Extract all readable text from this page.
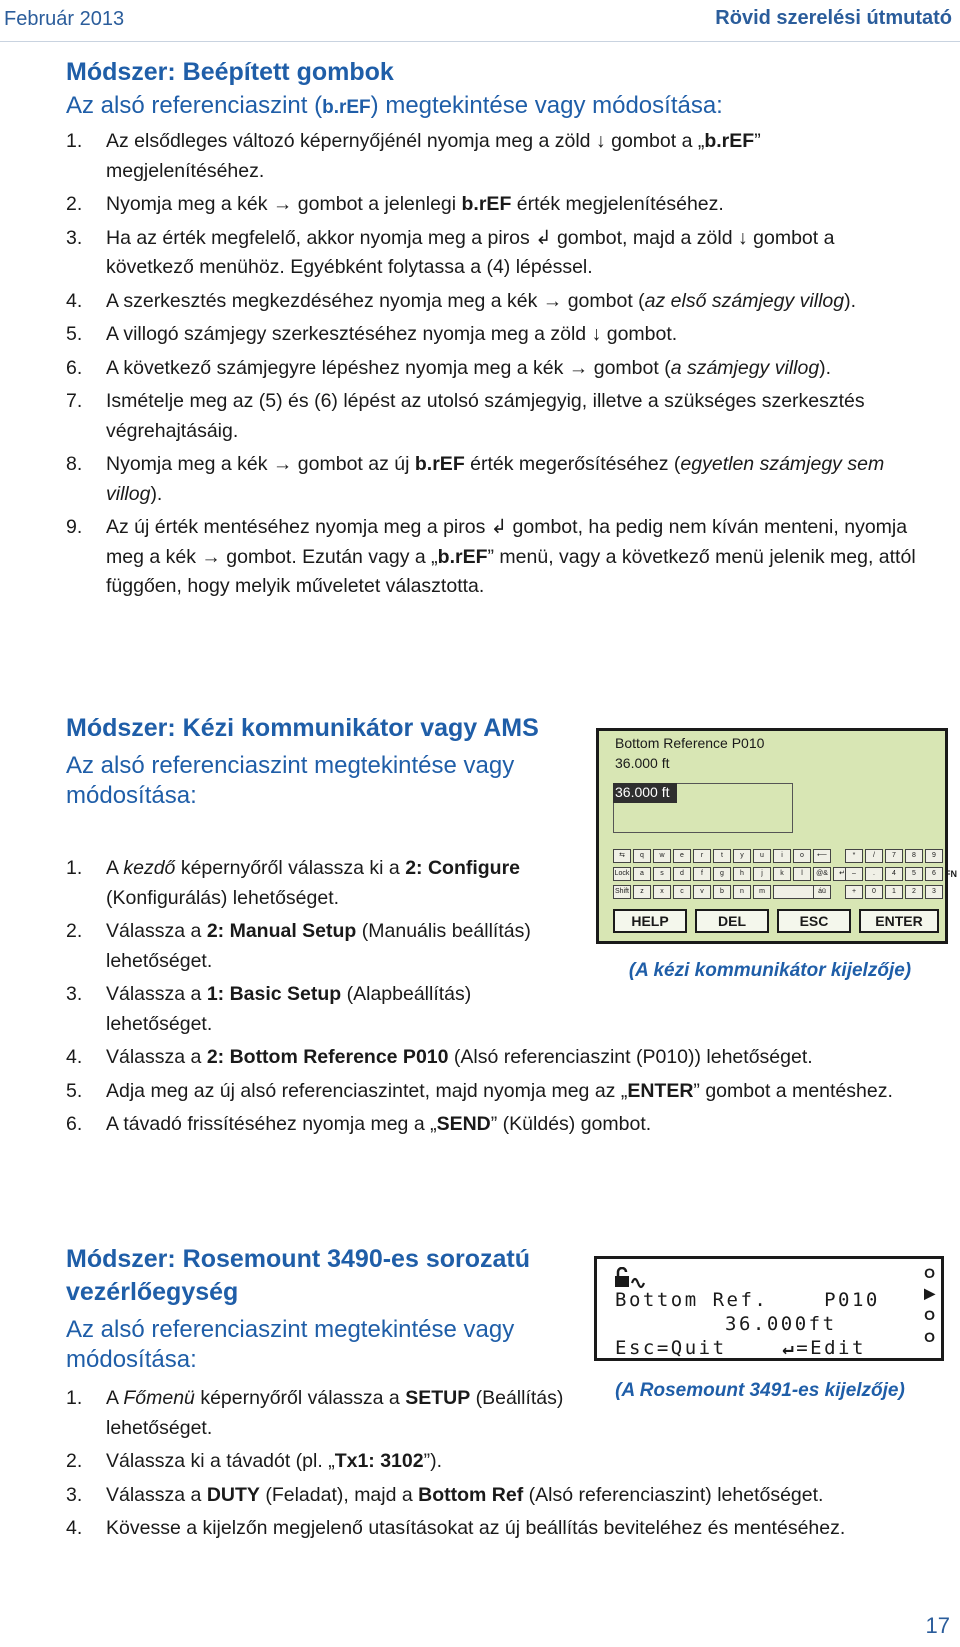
Február 2013	Rövid szerelési útmutató
Módszer: Beépített gombok
Az alsó referenciaszint (b.rEF) megtekintése vagy módosítása:
1. Az elsődleges változó képernyőjénél nyomja meg a zöld ↓ gombot a „b.rEF” megjelenítéséhez.
2. Nyomja meg a kék → gombot a jelenlegi b.rEF érték megjelenítéséhez.
3. Ha az érték megfelelő, akkor nyomja meg a piros ↲ gombot, majd a zöld ↓ gombot a következő menühöz. Egyébként folytassa a (4) lépéssel.
4. A szerkesztés megkezdéséhez nyomja meg a kék → gombot (az első számjegy villog).
5. A villogó számjegy szerkesztéséhez nyomja meg a zöld ↓ gombot.
6. A következő számjegyre lépéshez nyomja meg a kék → gombot (a számjegy villog).
7. Ismételje meg az (5) és (6) lépést az utolsó számjegyig, illetve a szükséges szerkesztés végrehajtásáig.
8. Nyomja meg a kék → gombot az új b.rEF érték megerősítéséhez (egyetlen számjegy sem villog).
9. Az új érték mentéséhez nyomja meg a piros ↲ gombot, ha pedig nem kíván menteni, nyomja meg a kék → gombot. Ezután vagy a „b.rEF” menü, vagy a következő menü jelenik meg, attól függően, hogy melyik műveletet választotta.
Módszer: Kézi kommunikátor vagy AMS
Az alsó referenciaszint megtekintése vagy módosítása:
1. A kezdő képernyőről válassza ki a 2: Configure (Konfigurálás) lehetőséget.
2. Válassza a 2: Manual Setup (Manuális beállítás) lehetőséget.
3. Válassza a 1: Basic Setup (Alapbeállítás) lehetőséget.
4. Válassza a 2: Bottom Reference P010 (Alsó referenciaszint (P010)) lehetőséget.
5. Adja meg az új alsó referenciaszintet, majd nyomja meg az „ENTER” gombot a mentéshez.
6. A távadó frissítéséhez nyomja meg a „SEND” (Küldés) gombot.
Bottom Reference P010
36.000 ft
36.000 ft
⇆	q	w	e	r	t	y	u	i	o	⟵
Lock	a	s	d	f	g	h	j	k	l	@&	↵
Shift	z	x	c	v	b	n	m	áü
*	/	7	8	9
–	.	4	5	6
+	0	1	2	3
FN
HELP	DEL	ESC	ENTER
(A kézi kommunikátor kijelzője)
Módszer: Rosemount 3490-es sorozatú vezérlőegység
Az alsó referenciaszint megtekintése vagy módosítása:
1. A Főmenü képernyőről válassza a SETUP (Beállítás) lehetőséget.
2. Válassza ki a távadót (pl. „Tx1: 3102”).
3. Válassza a DUTY (Feladat), majd a Bottom Ref (Alsó referenciaszint) lehetőséget.
4. Kövesse a kijelzőn megjelenő utasításokat az új beállítás beviteléhez és mentéséhez.
Bottom Ref.    P010
36.000ft
Esc=Quit	↵=Edit
O
▶
O
O
(A Rosemount 3491-es kijelzője)
17
